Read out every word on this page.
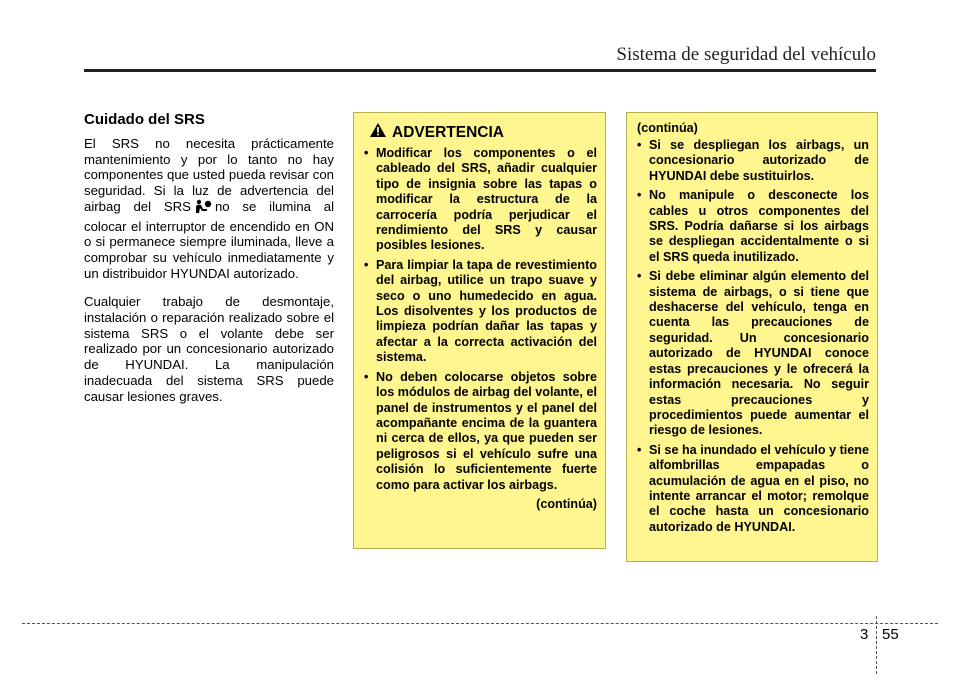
Sistema de seguridad del vehículo
Cuidado del SRS

El SRS no necesita prácticamente mantenimiento y por lo tanto no hay componentes que usted pueda revisar con seguridad. Si la luz de advertencia del airbag del SRS no se ilumina al colocar el interruptor de encendido en ON o si permanece siempre iluminada, lleve a comprobar su vehículo inmediatamente y un distribuidor HYUNDAI autorizado.

Cualquier trabajo de desmontaje, instalación o reparación realizado sobre el sistema SRS o el volante debe ser realizado por un concesionario autorizado de HYUNDAI. La manipulación inadecuada del sistema SRS puede causar lesiones graves.

ADVERTENCIA
• Modificar los componentes o el cableado del SRS, añadir cualquier tipo de insignia sobre las tapas o modificar la estructura de la carrocería podría perjudicar el rendimiento del SRS y causar posibles lesiones.
• Para limpiar la tapa de revestimiento del airbag, utilice un trapo suave y seco o uno humedecido en agua. Los disolventes y los productos de limpieza podrían dañar las tapas y afectar a la correcta activación del sistema.
• No deben colocarse objetos sobre los módulos de airbag del volante, el panel de instrumentos y el panel del acompañante encima de la guantera ni cerca de ellos, ya que pueden ser peligrosos si el vehículo sufre una colisión lo suficientemente fuerte como para activar los airbags.
(continúa)
(continúa)
• Si se despliegan los airbags, un concesionario autorizado de HYUNDAI debe sustituirlos.
• No manipule o desconecte los cables u otros componentes del SRS. Podría dañarse si los airbags se despliegan accidentalmente o si el SRS queda inutilizado.
• Si debe eliminar algún elemento del sistema de airbags, o si tiene que deshacerse del vehículo, tenga en cuenta las precauciones de seguridad. Un concesionario autorizado de HYUNDAI conoce estas precauciones y le ofrecerá la información necesaria. No seguir estas precauciones y procedimientos puede aumentar el riesgo de lesiones.
• Si se ha inundado el vehículo y tiene alfombrillas empapadas o acumulación de agua en el piso, no intente arrancar el motor; remolque el coche hasta un concesionario autorizado de HYUNDAI.
3 55
